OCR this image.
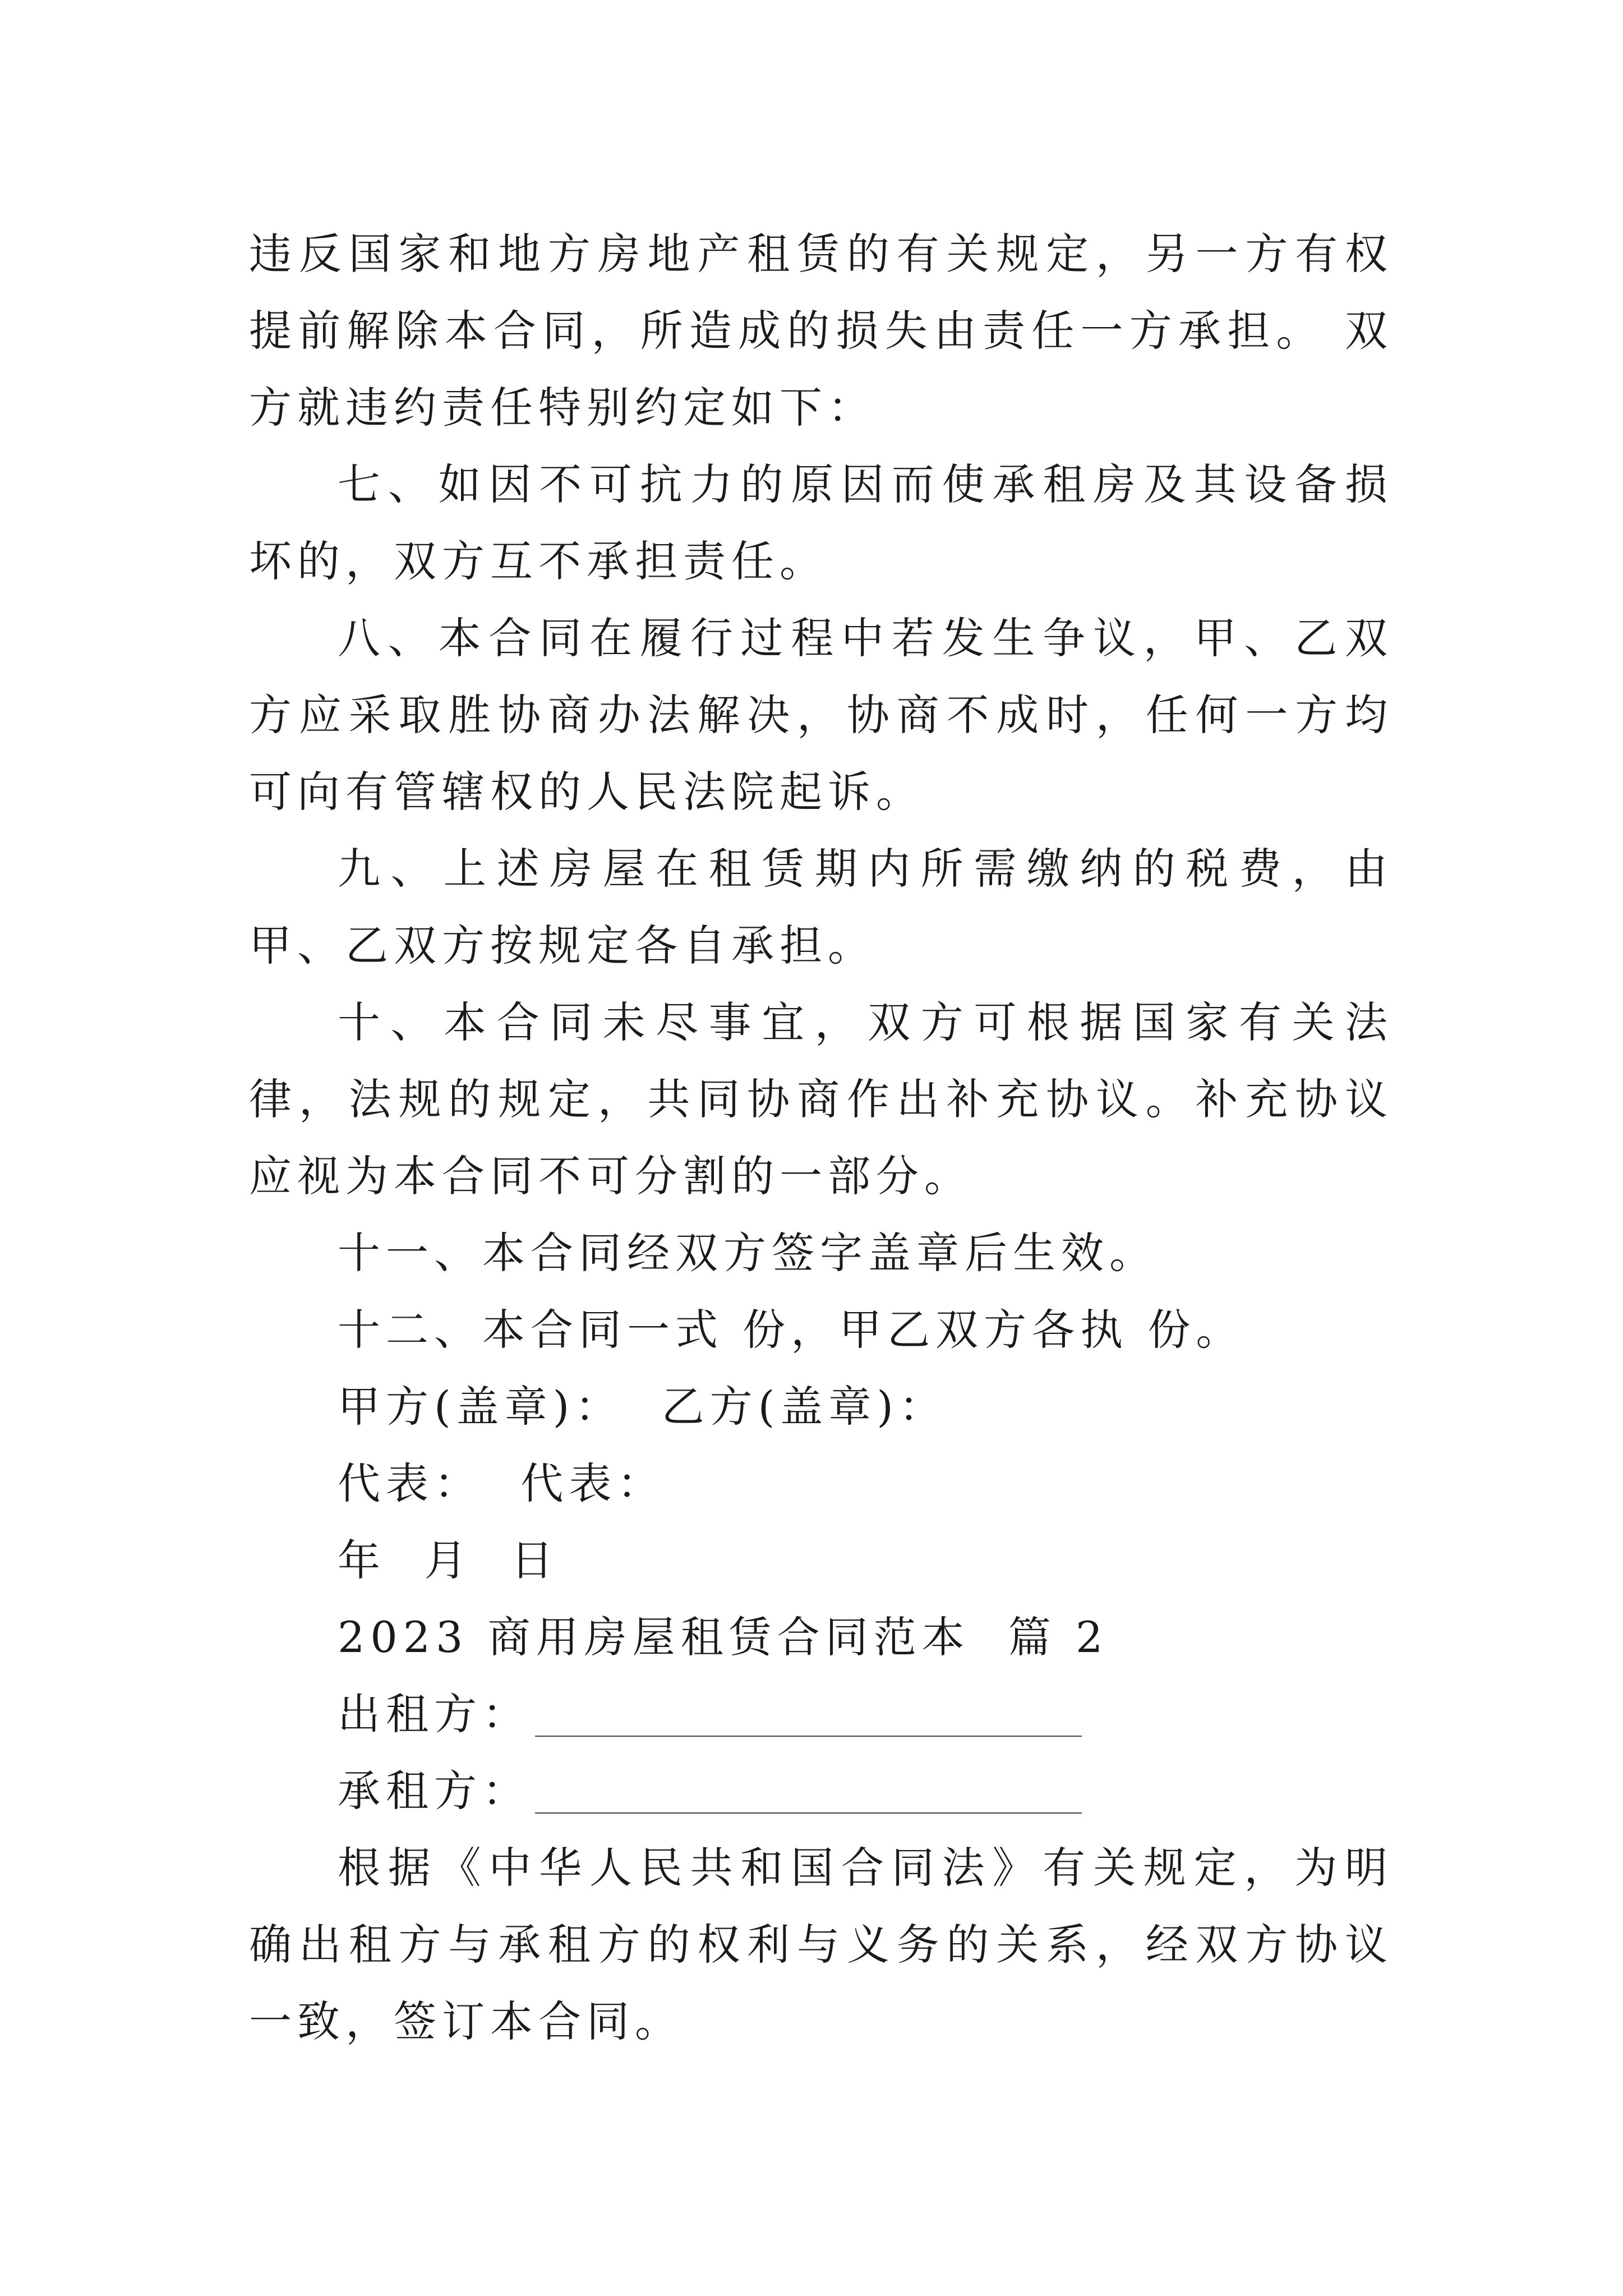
违反国家和地方房地产租赁的有关规定，另一方有权提前解除本合同，所造成的损失由责任一方承担。 双方就违约责任特别约定如下：

七、如因不可抗力的原因而使承租房及其设备损坏的，双方互不承担责任。

八、本合同在履行过程中若发生争议，甲、乙双方应采取胜协商办法解决，协商不成时，任何一方均可向有管辖权的人民法院起诉。

九、上述房屋在租赁期内所需缴纳的税费，由甲、乙双方按规定各自承担。

十、本合同未尽事宜，双方可根据国家有关法律，法规的规定，共同协商作出补充协议。补充协议应视为本合同不可分割的一部分。

十一、本合同经双方签字盖章后生效。

十二、本合同一式 份，甲乙双方各执 份。

甲方(盖章)：  乙方(盖章)：

代表：  代表：

年  月  日

2023 商用房屋租赁合同范本  篇 2

出租方：

承租方：

根据《中华人民共和国合同法》有关规定，为明确出租方与承租方的权利与义务的关系，经双方协议一致，签订本合同。
